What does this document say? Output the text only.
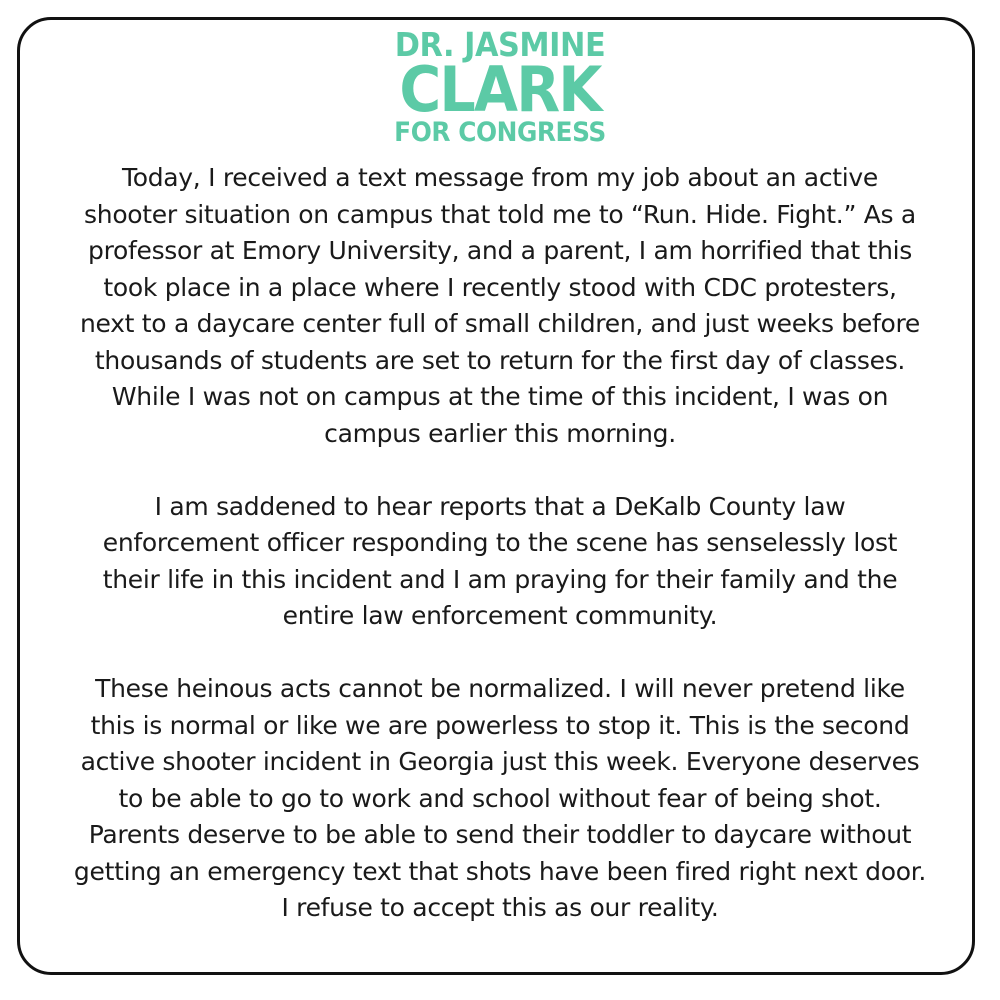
DR. JASMINE
CLARK
FOR CONGRESS

Today, I received a text message from my job about an active
shooter situation on campus that told me to “Run. Hide. Fight.” As a
professor at Emory University, and a parent, I am horrified that this
took place in a place where I recently stood with CDC protesters,
next to a daycare center full of small children, and just weeks before
thousands of students are set to return for the first day of classes.
While I was not on campus at the time of this incident, I was on
campus earlier this morning.

I am saddened to hear reports that a DeKalb County law
enforcement officer responding to the scene has senselessly lost
their life in this incident and I am praying for their family and the
entire law enforcement community.

These heinous acts cannot be normalized. I will never pretend like
this is normal or like we are powerless to stop it. This is the second
active shooter incident in Georgia just this week. Everyone deserves
to be able to go to work and school without fear of being shot.
Parents deserve to be able to send their toddler to daycare without
getting an emergency text that shots have been fired right next door.
I refuse to accept this as our reality.
